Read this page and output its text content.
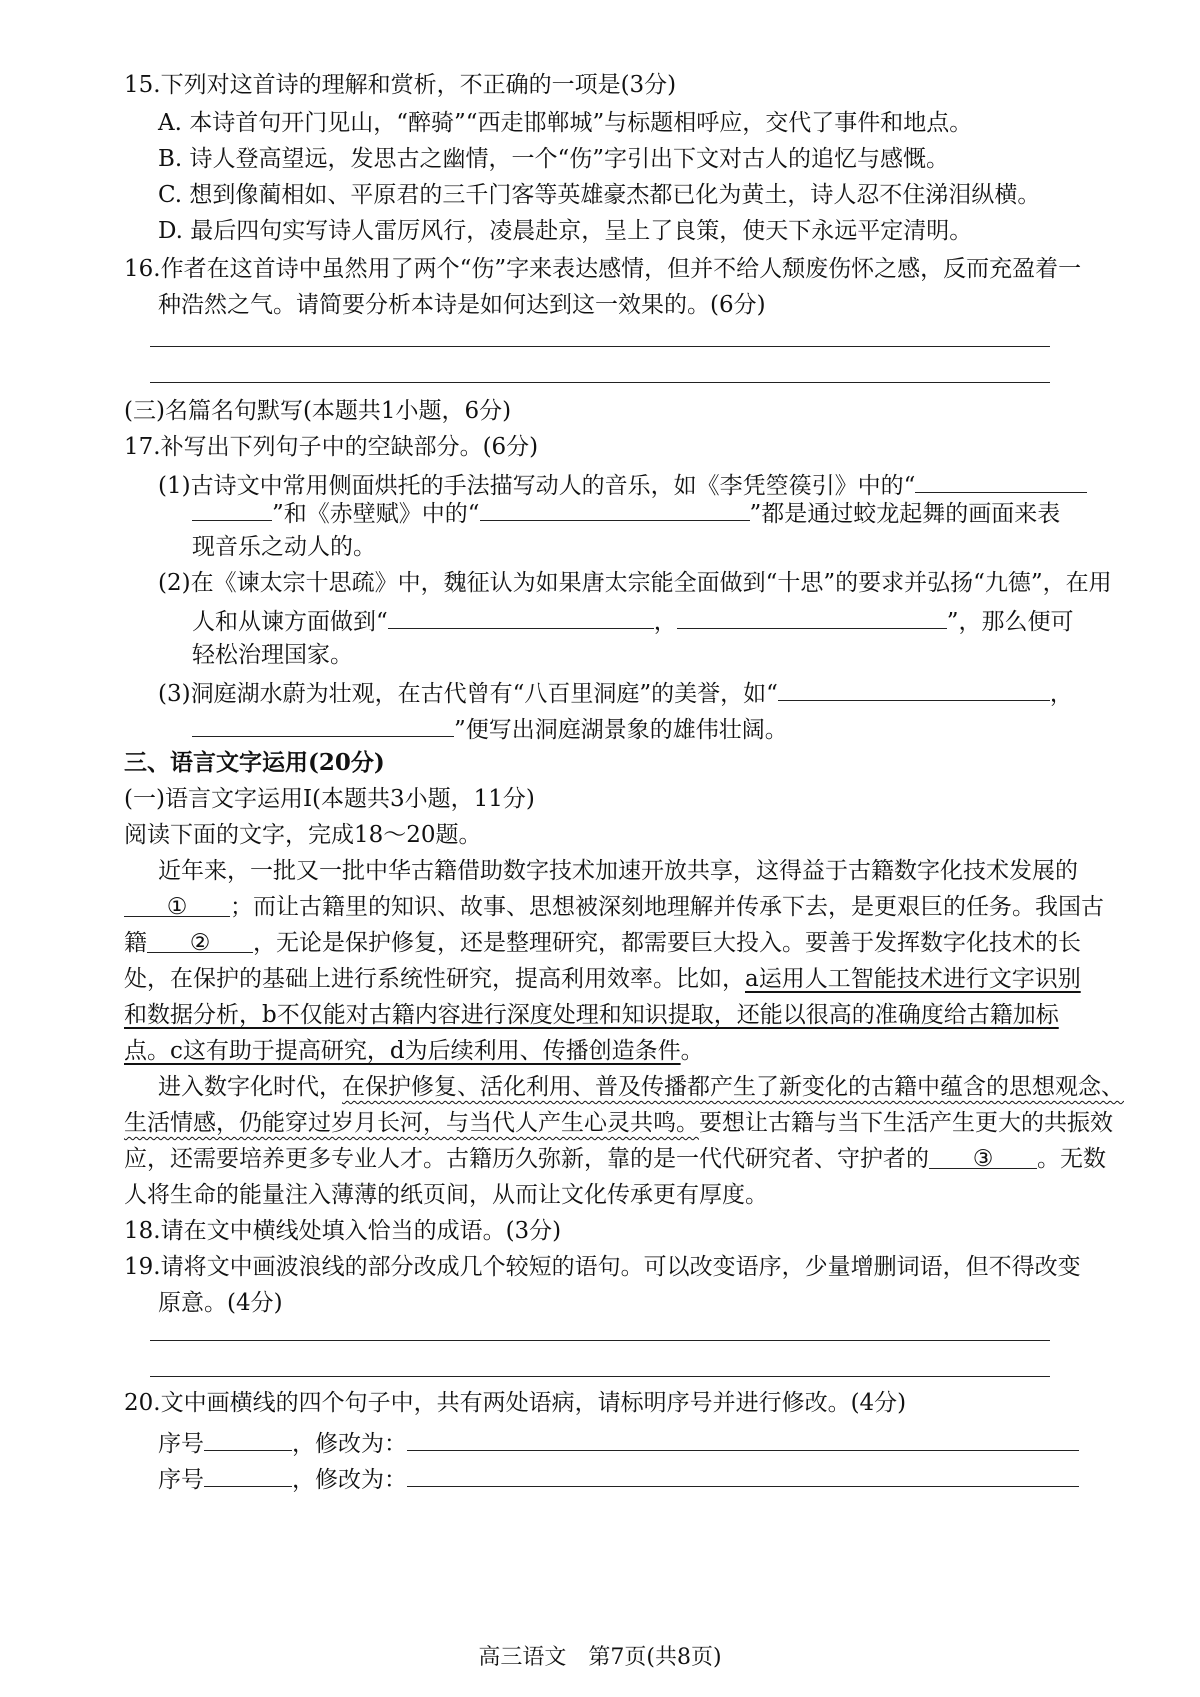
15.下列对这首诗的理解和赏析，不正确的一项是(3分)
A. 本诗首句开门见山，“醉骑”“西走邯郸城”与标题相呼应，交代了事件和地点。
B. 诗人登高望远，发思古之幽情，一个“伤”字引出下文对古人的追忆与感慨。
C. 想到像蔺相如、平原君的三千门客等英雄豪杰都已化为黄土，诗人忍不住涕泪纵横。
D. 最后四句实写诗人雷厉风行，凌晨赴京，呈上了良策，使天下永远平定清明。
16.作者在这首诗中虽然用了两个“伤”字来表达感情，但并不给人颓废伤怀之感，反而充盈着一
种浩然之气。请简要分析本诗是如何达到这一效果的。(6分)
(三)名篇名句默写(本题共1小题，6分)
17.补写出下列句子中的空缺部分。(6分)
(1)古诗文中常用侧面烘托的手法描写动人的音乐，如《李凭箜篌引》中的“
”和《赤壁赋》中的“	”都是通过蛟龙起舞的画面来表
现音乐之动人的。
(2)在《谏太宗十思疏》中，魏征认为如果唐太宗能全面做到“十思”的要求并弘扬“九德”，在用
人和从谏方面做到“	，	”，那么便可
轻松治理国家。
(3)洞庭湖水蔚为壮观，在古代曾有“八百里洞庭”的美誉，如“	，
”便写出洞庭湖景象的雄伟壮阔。
三、语言文字运用(20分)
(一)语言文字运用Ⅰ(本题共3小题，11分)
阅读下面的文字，完成18～20题。
近年来，一批又一批中华古籍借助数字技术加速开放共享，这得益于古籍数字化技术发展的
① ；而让古籍里的知识、故事、思想被深刻地理解并传承下去，是更艰巨的任务。我国古
籍 ② ，无论是保护修复，还是整理研究，都需要巨大投入。要善于发挥数字化技术的长
处，在保护的基础上进行系统性研究，提高利用效率。比如，a运用人工智能技术进行文字识别
和数据分析，b不仅能对古籍内容进行深度处理和知识提取，还能以很高的准确度给古籍加标
点。c这有助于提高研究，d为后续利用、传播创造条件。
进入数字化时代，在保护修复、活化利用、普及传播都产生了新变化的古籍中蕴含的思想观念、
生活情感，仍能穿过岁月长河，与当代人产生心灵共鸣。要想让古籍与当下生活产生更大的共振效
应，还需要培养更多专业人才。古籍历久弥新，靠的是一代代研究者、守护者的 ③ 。无数
人将生命的能量注入薄薄的纸页间，从而让文化传承更有厚度。
18.请在文中横线处填入恰当的成语。(3分)
19.请将文中画波浪线的部分改成几个较短的语句。可以改变语序，少量增删词语，但不得改变
原意。(4分)
20.文中画横线的四个句子中，共有两处语病，请标明序号并进行修改。(4分)
序号	，修改为：
序号	，修改为：
高三语文　第7页(共8页)
